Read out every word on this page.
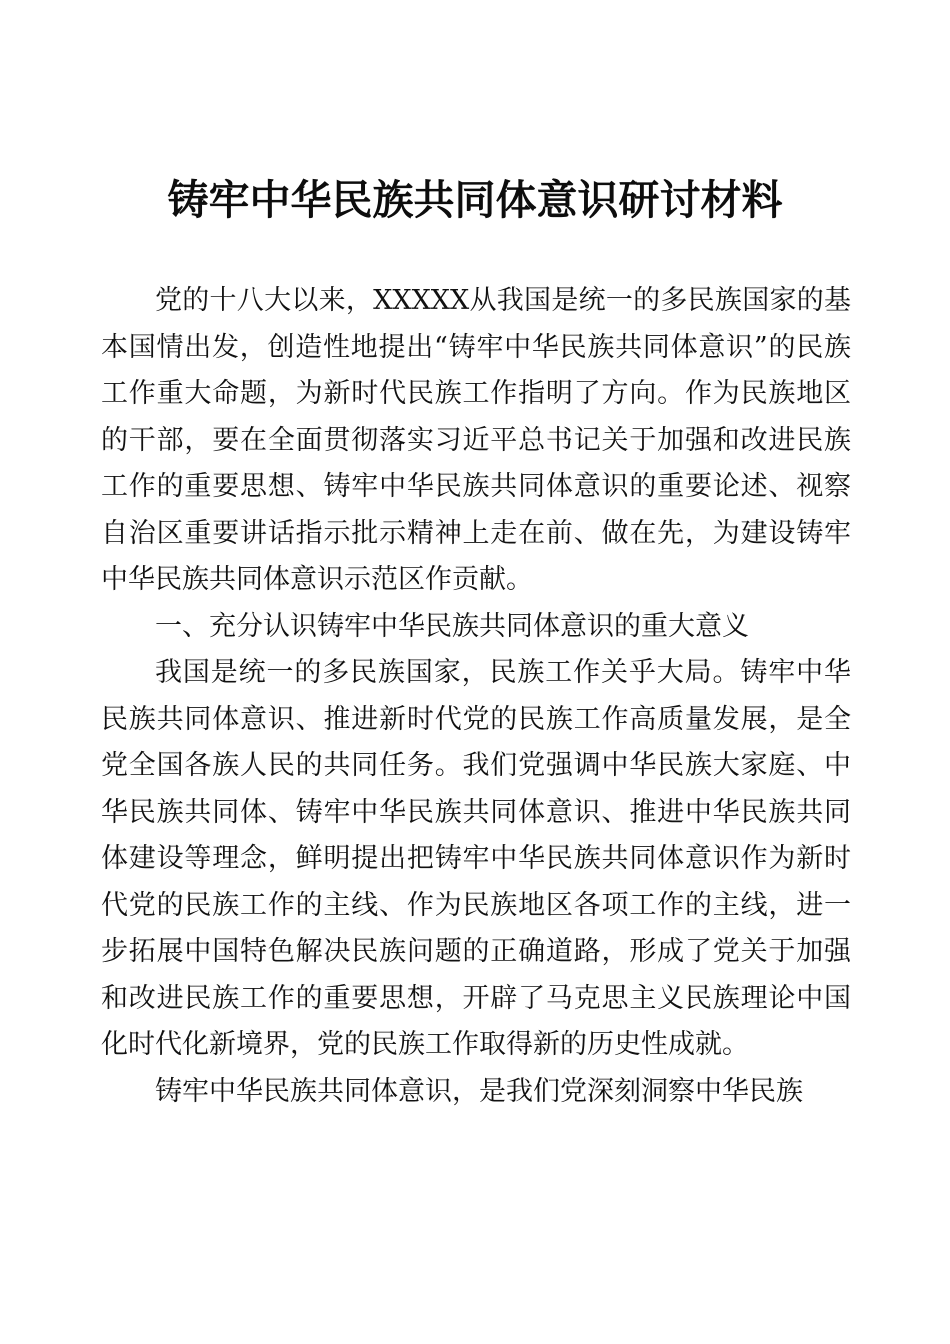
铸牢中华民族共同体意识研讨材料

党的十八大以来，XXXXX从我国是统一的多民族国家的基本国情出发，创造性地提出“铸牢中华民族共同体意识”的民族工作重大命题，为新时代民族工作指明了方向。作为民族地区的干部，要在全面贯彻落实习近平总书记关于加强和改进民族工作的重要思想、铸牢中华民族共同体意识的重要论述、视察自治区重要讲话指示批示精神上走在前、做在先，为建设铸牢中华民族共同体意识示范区作贡献。

一、充分认识铸牢中华民族共同体意识的重大意义

我国是统一的多民族国家，民族工作关乎大局。铸牢中华民族共同体意识、推进新时代党的民族工作高质量发展，是全党全国各族人民的共同任务。我们党强调中华民族大家庭、中华民族共同体、铸牢中华民族共同体意识、推进中华民族共同体建设等理念，鲜明提出把铸牢中华民族共同体意识作为新时代党的民族工作的主线、作为民族地区各项工作的主线，进一步拓展中国特色解决民族问题的正确道路，形成了党关于加强和改进民族工作的重要思想，开辟了马克思主义民族理论中国化时代化新境界，党的民族工作取得新的历史性成就。

铸牢中华民族共同体意识，是我们党深刻洞察中华民族
